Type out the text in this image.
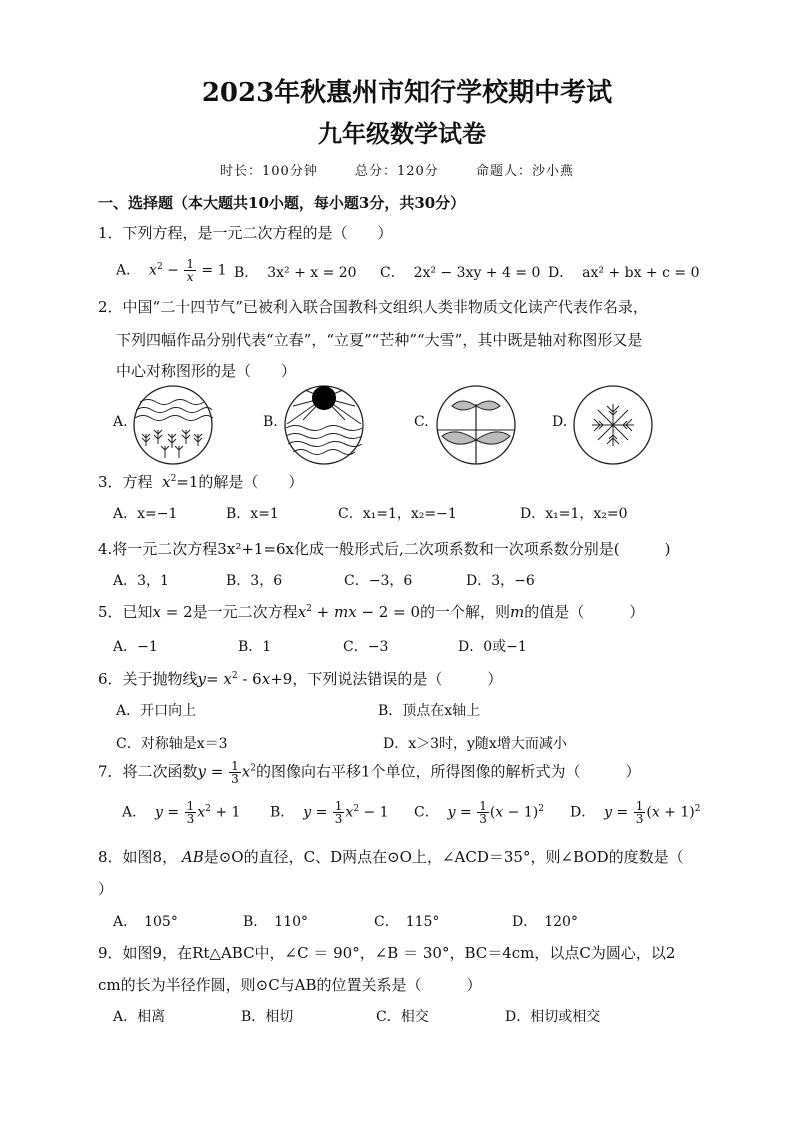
2023年秋惠州市知行学校期中考试
九年级数学试卷
时长：100分钟	总分：120分	命题人：沙小燕
一、选择题（本大题共10小题，每小题3分，共30分）
1．下列方程，是一元二次方程的是（　　）
A． $x^2 - \frac{1}{x} = 1$ B． 3x² + x = 20 C． 2x² − 3xy + 4 = 0 D． ax² + bx + c = 0
2．中国“二十四节气”已被利入联合国教科文组织人类非物质文化读产代表作名录，
下列四幅作品分别代表“立春”，“立夏”“芒种”“大雪”，其中既是轴对称图形又是
中心对称图形的是（　　）
A.	B.	C.	D.
3．方程 $x^2=1$的解是（　　）
A．x=−1	B．x=1	C．x₁=1，x₂=−1	D．x₁=1，x₂=0
4.将一元二次方程3x²+1=6x化成一般形式后,二次项系数和一次项系数分别是(　　　)
A．3，1	B．3，6	C．−3，6	D．3，−6
5．已知x = 2是一元二次方程$x^2$ + mx − 2 = 0的一个解，则m的值是（　　　）
A．−1	B．1	C．−3	D．0或−1
6．关于抛物线$y= x^2 - 6x+9$，下列说法错误的是（　　　）
A．开口向上	B．顶点在x轴上
C．对称轴是x＝3	D．x＞3时，y随x增大而减小
7．将二次函数$y = \frac{1}{3} x^2$的图像向右平移1个单位，所得图像的解析式为（　　　）
A． $y = \frac{1}{3} x^2 + 1$ B． $y = \frac{1}{3} x^2 - 1$ C． $y = \frac{1}{3} (x - 1)^2$ D． $y = \frac{1}{3} (x + 1)^2$
8．如图8， AB是⊙O的直径，C、D两点在⊙O上，∠ACD＝35°，则∠BOD的度数是（
）
A．　105°	B．　110°	C．　115°	D．　120°
9．如图9，在Rt△ABC中，∠C ＝ 90°，∠B ＝ 30°，BC＝4cm，以点C为圆心，以2
cm的长为半径作圆，则⊙C与AB的位置关系是（　　　）
A．相离	B．相切	C．相交	D．相切或相交
